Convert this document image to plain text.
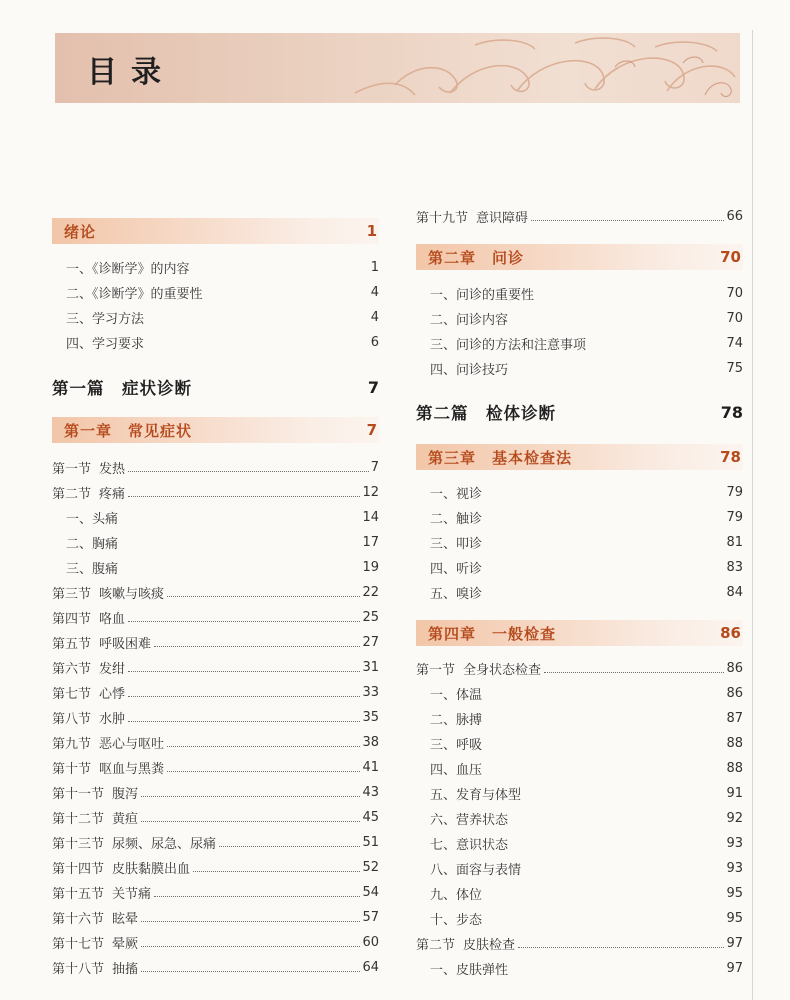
目录
绪论	1
一、《诊断学》的内容	1
二、《诊断学》的重要性	4
三、学习方法	4
四、学习要求	6
第一篇　症状诊断	7
第一章　常见症状	7
第一节 发热	7
第二节 疼痛	12
一、头痛	14
二、胸痛	17
三、腹痛	19
第三节 咳嗽与咳痰	22
第四节 咯血	25
第五节 呼吸困难	27
第六节 发绀	31
第七节 心悸	33
第八节 水肿	35
第九节 恶心与呕吐	38
第十节 呕血与黑粪	41
第十一节 腹泻	43
第十二节 黄疸	45
第十三节 尿频、尿急、尿痛	51
第十四节 皮肤黏膜出血	52
第十五节 关节痛	54
第十六节 眩晕	57
第十七节 晕厥	60
第十八节 抽搐	64
第十九节 意识障碍	66
第二章　问诊	70
一、问诊的重要性	70
二、问诊内容	70
三、问诊的方法和注意事项	74
四、问诊技巧	75
第二篇　检体诊断	78
第三章　基本检查法	78
一、视诊	79
二、触诊	79
三、叩诊	81
四、听诊	83
五、嗅诊	84
第四章　一般检查	86
第一节 全身状态检查	86
一、体温	86
二、脉搏	87
三、呼吸	88
四、血压	88
五、发育与体型	91
六、营养状态	92
七、意识状态	93
八、面容与表情	93
九、体位	95
十、步态	95
第二节 皮肤检查	97
一、皮肤弹性	97
